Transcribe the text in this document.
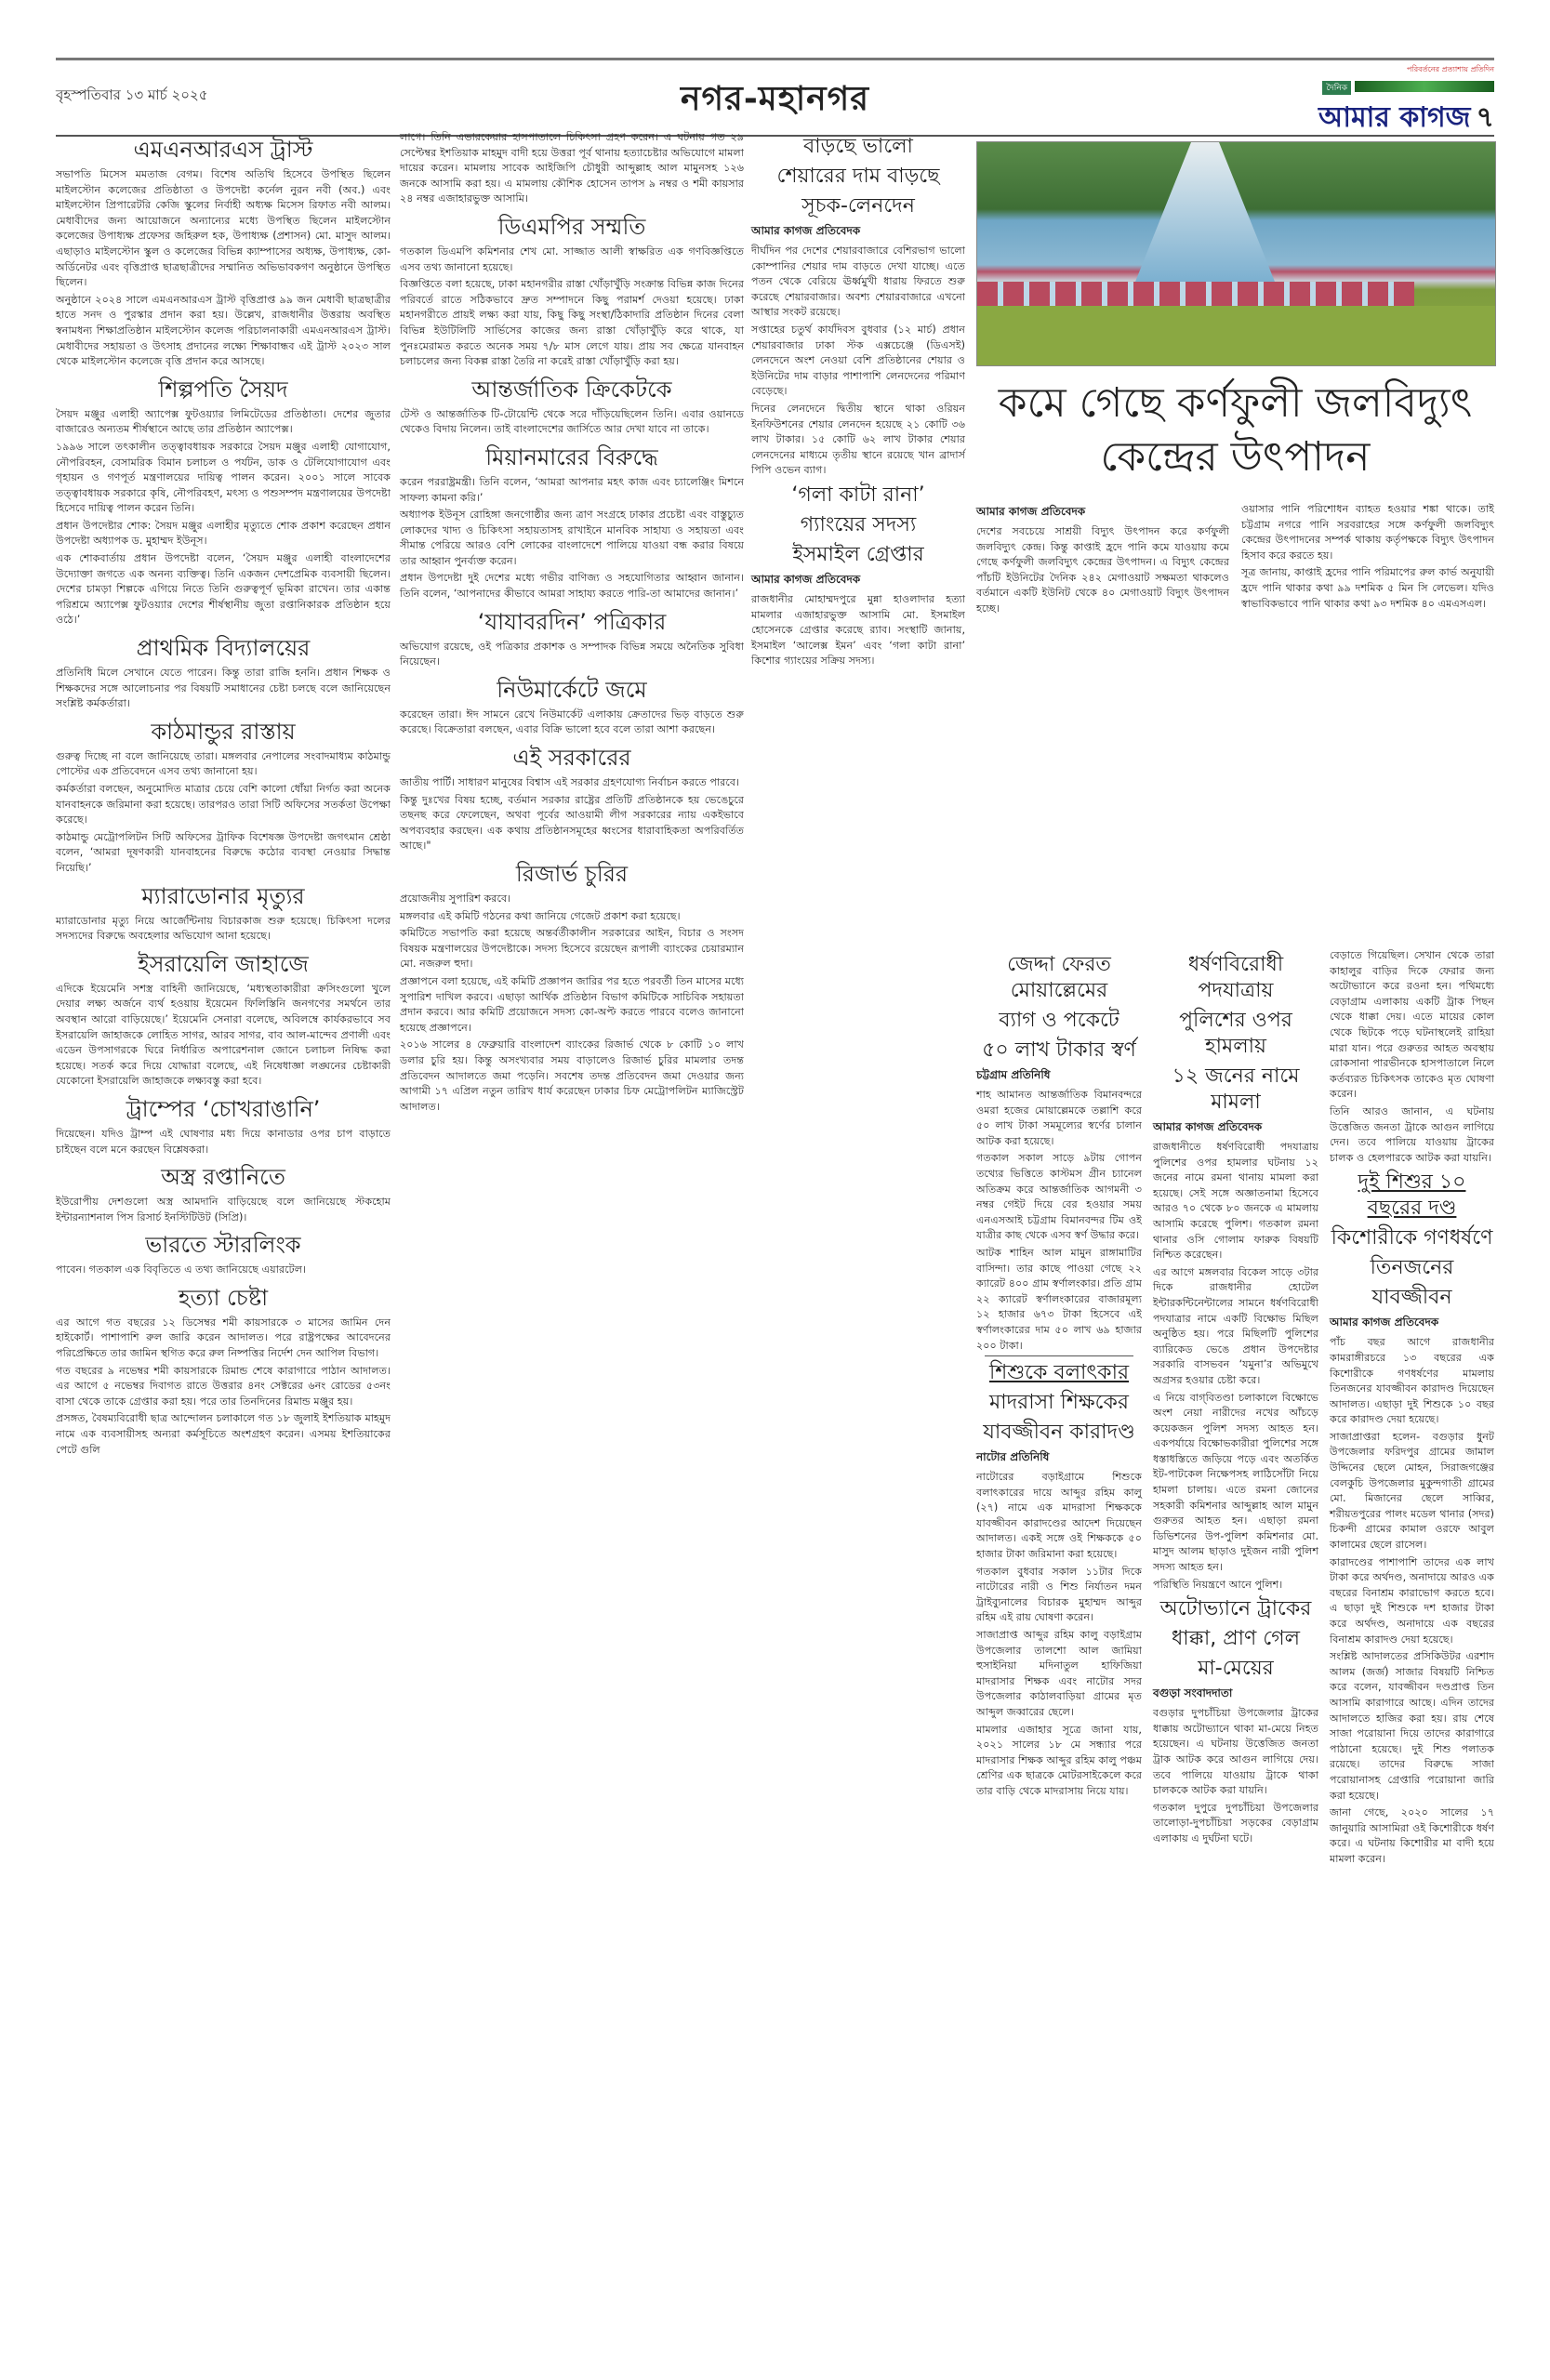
বৃহস্পতিবার ১৩ মার্চ ২০২৫	নগর-মহানগর
পরিবর্তনের প্রত্যাশায় প্রতিদিন
দৈনিক
আমার কাগজ ৭
এমএনআরএস ট্রাস্ট

সভাপতি মিসেস মমতাজ বেগম। বিশেষ অতিথি হিসেবে উপস্থিত ছিলেন মাইলস্টোন কলেজের প্রতিষ্ঠাতা ও উপদেষ্টা কর্নেল নুরন নবী (অব.) এবং মাইলস্টোন প্রিপারেটরি কেজি স্কুলের নির্বাহী অধ্যক্ষ মিসেস রিফাত নবী আলম। মেধাবীদের জন্য আয়োজনে অন্যান্যের মধ্যে উপস্থিত ছিলেন মাইলস্টোন কলেজের উপাধ্যক্ষ প্রফেসর জহিরুল হক, উপাধ্যক্ষ (প্রশাসন) মো. মাসুদ আলম। এছাড়াও মাইলস্টোন স্কুল ও কলেজের বিভিন্ন ক্যাম্পাসের অধ্যক্ষ, উপাধ্যক্ষ, কো-অর্ডিনেটর এবং বৃত্তিপ্রাপ্ত ছাত্রছাত্রীদের সম্মানিত অভিভাবকগণ অনুষ্ঠানে উপস্থিত ছিলেন।

অনুষ্ঠানে ২০২৪ সালে এমএনআরএস ট্রাস্ট বৃত্তিপ্রাপ্ত ৯৯ জন মেধাবী ছাত্রছাত্রীর হাতে সনদ ও পুরস্কার প্রদান করা হয়। উল্লেখ, রাজধানীর উত্তরায় অবস্থিত স্বনামধন্য শিক্ষাপ্রতিষ্ঠান মাইলস্টোন কলেজ পরিচালনাকারী এমএনআরএস ট্রাস্ট। মেধাবীদের সহায়তা ও উৎসাহ প্রদানের লক্ষ্যে শিক্ষাবান্ধব এই ট্রাস্ট ২০২৩ সাল থেকে মাইলস্টোন কলেজে বৃত্তি প্রদান করে আসছে।

শিল্পপতি সৈয়দ

সৈয়দ মঞ্জুর এলাহী অ্যাপেক্স ফুটওয়্যার লিমিটেডের প্রতিষ্ঠাতা। দেশের জুতার বাজারেও অন্যতম শীর্ষস্থানে আছে তার প্রতিষ্ঠান অ্যাপেক্স।

১৯৯৬ সালে তৎকালীন তত্ত্বাবধায়ক সরকারে সৈয়দ মঞ্জুর এলাহী যোগাযোগ, নৌপরিবহন, বেসামরিক বিমান চলাচল ও পর্যটন, ডাক ও টেলিযোগাযোগ এবং গৃহায়ন ও গণপূর্ত মন্ত্রণালয়ের দায়িত্ব পালন করেন। ২০০১ সালে সাবেক তত্ত্বাবধায়ক সরকারে কৃষি, নৌপরিবহণ, মৎস্য ও পশুসম্পদ মন্ত্রণালয়ের উপদেষ্টা হিসেবে দায়িত্ব পালন করেন তিনি।

প্রধান উপদেষ্টার শোক: সৈয়দ মঞ্জুর এলাহীর মৃত্যুতে শোক প্রকাশ করেছেন প্রধান উপদেষ্টা অধ্যাপক ড. মুহাম্মদ ইউনূস।

এক শোকবার্তায় প্রধান উপদেষ্টা বলেন, ‘সৈয়দ মঞ্জুর এলাহী বাংলাদেশের উদ্যোক্তা জগতে এক অনন্য ব্যক্তিত্ব। তিনি একজন দেশপ্রেমিক ব্যবসায়ী ছিলেন। দেশের চামড়া শিল্পকে এগিয়ে নিতে তিনি গুরুত্বপূর্ণ ভূমিকা রাখেন। তার একান্ত পরিশ্রমে অ্যাপেক্স ফুটওয়্যার দেশের শীর্ষস্থানীয় জুতা রপ্তানিকারক প্রতিষ্ঠান হয়ে ওঠে।’

প্রাথমিক বিদ্যালয়ের

প্রতিনিধি মিলে সেখানে যেতে পারেন। কিন্তু তারা রাজি হননি। প্রধান শিক্ষক ও শিক্ষকদের সঙ্গে আলোচনার পর বিষয়টি সমাধানের চেষ্টা চলছে বলে জানিয়েছেন সংশ্লিষ্ট কর্মকর্তারা।

কাঠমান্ডুর রাস্তায়

গুরুত্ব দিচ্ছে না বলে জানিয়েছে তারা। মঙ্গলবার নেপালের সংবাদমাধ্যম কাঠমান্ডু পোস্টের এক প্রতিবেদনে এসব তথ্য জানানো হয়।

কর্মকর্তারা বলছেন, অনুমোদিত মাত্রার চেয়ে বেশি কালো ধোঁয়া নির্গত করা অনেক যানবাহনকে জরিমানা করা হয়েছে। তারপরও তারা সিটি অফিসের সতর্কতা উপেক্ষা করেছে।

কাঠমান্ডু মেট্রোপলিটন সিটি অফিসের ট্রাফিক বিশেষজ্ঞ উপদেষ্টা জগৎমান শ্রেষ্ঠা বলেন, ‘আমরা দূষণকারী যানবাহনের বিরুদ্ধে কঠোর ব্যবস্থা নেওয়ার সিদ্ধান্ত নিয়েছি।’

ম্যারাডোনার মৃত্যুর

ম্যারাডোনার মৃত্যু নিয়ে আর্জেন্টিনায় বিচারকাজ শুরু হয়েছে। চিকিৎসা দলের সদস্যদের বিরুদ্ধে অবহেলার অভিযোগ আনা হয়েছে।

ইসরায়েলি জাহাজে

এদিকে ইয়েমেনি সশস্ত্র বাহিনী জানিয়েছে, ‘মধ্যস্থতাকারীরা ক্রসিংগুলো খুলে দেয়ার লক্ষ্য অর্জনে ব্যর্থ হওয়ায় ইয়েমেন ফিলিস্তিনি জনগণের সমর্থনে তার অবস্থান আরো বাড়িয়েছে।’ ইয়েমেনি সেনারা বলেছে, অবিলম্বে কার্যকরভাবে সব ইসরায়েলি জাহাজকে লোহিত সাগর, আরব সাগর, বাব আল-মান্দেব প্রণালী এবং এডেন উপসাগরকে ঘিরে নির্ধারিত অপারেশনাল জোনে চলাচল নিষিদ্ধ করা হয়েছে। সতর্ক করে দিয়ে যোদ্ধারা বলেছে, এই নিষেধাজ্ঞা লঙ্ঘনের চেষ্টাকারী যেকোনো ইসরায়েলি জাহাজকে লক্ষ্যবস্তু করা হবে।

ট্রাম্পের ‘চোখরাঙানি’

দিয়েছেন। যদিও ট্রাম্প এই ঘোষণার মধ্য দিয়ে কানাডার ওপর চাপ বাড়াতে চাইছেন বলে মনে করছেন বিশ্লেষকরা।

অস্ত্র রপ্তানিতে

ইউরোপীয় দেশগুলো অস্ত্র আমদানি বাড়িয়েছে বলে জানিয়েছে স্টকহোম ইন্টারন্যাশনাল পিস রিসার্চ ইনস্টিটিউট (সিপ্রি)।

ভারতে স্টারলিংক

পাবেন। গতকাল এক বিবৃতিতে এ তথ্য জানিয়েছে এয়ারটেল।

হত্যা চেষ্টা

এর আগে গত বছরের ১২ ডিসেম্বর শমী কায়সারকে ৩ মাসের জামিন দেন হাইকোর্ট। পাশাপাশি রুল জারি করেন আদালত। পরে রাষ্ট্রপক্ষের আবেদনের পরিপ্রেক্ষিতে তার জামিন স্থগিত করে রুল নিষ্পত্তির নির্দেশ দেন আপিল বিভাগ।

গত বছরের ৯ নভেম্বর শমী কায়সারকে রিমান্ড শেষে কারাগারে পাঠান আদালত। এর আগে ৫ নভেম্বর দিবাগত রাতে উত্তরার ৪নং সেক্টরের ৬নং রোডের ৫৩নং বাসা থেকে তাকে গ্রেপ্তার করা হয়। পরে তার তিনদিনের রিমান্ড মঞ্জুর হয়।

প্রসঙ্গত, বৈষম্যবিরোধী ছাত্র আন্দোলন চলাকালে গত ১৮ জুলাই ইশতিয়াক মাহমুদ নামে এক ব্যবসায়ীসহ অন্যরা কর্মসূচিতে অংশগ্রহণ করেন। এসময় ইশতিয়াকের পেটে গুলি

লাগে। তিনি এভারকেয়ার হাসপাতালে চিকিৎসা গ্রহণ করেন। এ ঘটনায় গত ২৯ সেপ্টেম্বর ইশতিয়াক মাহমুদ বাদী হয়ে উত্তরা পূর্ব থানায় হত্যাচেষ্টার অভিযোগে মামলা দায়ের করেন। মামলায় সাবেক আইজিপি চৌধুরী আব্দুল্লাহ আল মামুনসহ ১২৬ জনকে আসামি করা হয়। এ মামলায় কৌশিক হোসেন তাপস ৯ নম্বর ও শমী কায়সার ২৪ নম্বর এজাহারভুক্ত আসামি।

ডিএমপির সম্মতি

গতকাল ডিএমপি কমিশনার শেখ মো. সাজ্জাত আলী স্বাক্ষরিত এক গণবিজ্ঞপ্তিতে এসব তথ্য জানানো হয়েছে।

বিজ্ঞপ্তিতে বলা হয়েছে, ঢাকা মহানগরীর রাস্তা খোঁড়াখুঁড়ি সংক্রান্ত বিভিন্ন কাজ দিনের পরিবর্তে রাতে সঠিকভাবে দ্রুত সম্পাদনে কিছু পরামর্শ দেওয়া হয়েছে। ঢাকা মহানগরীতে প্রায়ই লক্ষ্য করা যায়, কিছু কিছু সংস্থা/ঠিকাদারি প্রতিষ্ঠান দিনের বেলা বিভিন্ন ইউটিলিটি সার্ভিসের কাজের জন্য রাস্তা খোঁড়াখুঁড়ি করে থাকে, যা পুনঃমেরামত করতে অনেক সময় ৭/৮ মাস লেগে যায়। প্রায় সব ক্ষেত্রে যানবাহন চলাচলের জন্য বিকল্প রাস্তা তৈরি না করেই রাস্তা খোঁড়াখুঁড়ি করা হয়।

আন্তর্জাতিক ক্রিকেটকে

টেস্ট ও আন্তর্জাতিক টি-টোয়েন্টি থেকে সরে দাঁড়িয়েছিলেন তিনি। এবার ওয়ানডে থেকেও বিদায় নিলেন। তাই বাংলাদেশের জার্সিতে আর দেখা যাবে না তাকে।

মিয়ানমারের বিরুদ্ধে

করেন পররাষ্ট্রমন্ত্রী। তিনি বলেন, ‘আমরা আপনার মহৎ কাজ এবং চ্যালেঞ্জিং মিশনে সাফল্য কামনা করি।’

অধ্যাপক ইউনূস রোহিঙ্গা জনগোষ্ঠীর জন্য ত্রাণ সংগ্রহে ঢাকার প্রচেষ্টা এবং বাস্তুচ্যুত লোকদের খাদ্য ও চিকিৎসা সহায়তাসহ রাখাইনে মানবিক সাহায্য ও সহায়তা এবং সীমান্ত পেরিয়ে আরও বেশি লোকের বাংলাদেশে পালিয়ে যাওয়া বন্ধ করার বিষয়ে তার আহ্বান পুনর্ব্যক্ত করেন।

প্রধান উপদেষ্টা দুই দেশের মধ্যে গভীর বাণিজ্য ও সহযোগিতার আহ্বান জানান। তিনি বলেন, ‘আপনাদের কীভাবে আমরা সাহায্য করতে পারি-তা আমাদের জানান।’

‘যাযাবরদিন’ পত্রিকার

অভিযোগ রয়েছে, ওই পত্রিকার প্রকাশক ও সম্পাদক বিভিন্ন সময়ে অনৈতিক সুবিধা নিয়েছেন।

নিউমার্কেটে জমে

করেছেন তারা। ঈদ সামনে রেখে নিউমার্কেট এলাকায় ক্রেতাদের ভিড় বাড়তে শুরু করেছে। বিক্রেতারা বলছেন, এবার বিক্রি ভালো হবে বলে তারা আশা করছেন।

এই সরকারের

জাতীয় পার্টি। সাধারণ মানুষের বিশ্বাস এই সরকার গ্রহণযোগ্য নির্বাচন করতে পারবে।

কিন্তু দুঃখের বিষয় হচ্ছে, বর্তমান সরকার রাষ্ট্রের প্রতিটি প্রতিষ্ঠানকে হয় ভেঙেচুরে তছনছ করে ফেলেছেন, অথবা পূর্বের আওয়ামী লীগ সরকারের ন্যায় একইভাবে অপব্যবহার করছেন। এক কথায় প্রতিষ্ঠানসমূহের ধ্বংসের ধারাবাহিকতা অপরিবর্তিত আছে।"

রিজার্ভ চুরির

প্রয়োজনীয় সুপারিশ করবে।

মঙ্গলবার এই কমিটি গঠনের কথা জানিয়ে গেজেট প্রকাশ করা হয়েছে।

কমিটিতে সভাপতি করা হয়েছে অন্তর্বর্তীকালীন সরকারের আইন, বিচার ও সংসদ বিষয়ক মন্ত্রণালয়ের উপদেষ্টাকে। সদস্য হিসেবে রয়েছেন রূপালী ব্যাংকের চেয়ারম্যান মো. নজরুল হুদা।

প্রজ্ঞাপনে বলা হয়েছে, এই কমিটি প্রজ্ঞাপন জারির পর হতে পরবর্তী তিন মাসের মধ্যে সুপারিশ দাখিল করবে। এছাড়া আর্থিক প্রতিষ্ঠান বিভাগ কমিটিকে সাচিবিক সহায়তা প্রদান করবে। আর কমিটি প্রয়োজনে সদস্য কো-অপ্ট করতে পারবে বলেও জানানো হয়েছে প্রজ্ঞাপনে।

২০১৬ সালের ৪ ফেব্রুয়ারি বাংলাদেশ ব্যাংকের রিজার্ভ থেকে ৮ কোটি ১০ লাখ ডলার চুরি হয়। কিন্তু অসংখ্যবার সময় বাড়ালেও রিজার্ভ চুরির মামলার তদন্ত প্রতিবেদন আদালতে জমা পড়েনি। সবশেষ তদন্ত প্রতিবেদন জমা দেওয়ার জন্য আগামী ১৭ এপ্রিল নতুন তারিখ ধার্য করেছেন ঢাকার চিফ মেট্রোপলিটন ম্যাজিস্ট্রেট আদালত।

বাড়ছে ভালো
শেয়ারের দাম বাড়ছে
সূচক-লেনদেন
আমার কাগজ প্রতিবেদক

দীর্ঘদিন পর দেশের শেয়ারবাজারে বেশিরভাগ ভালো কোম্পানির শেয়ার দাম বাড়তে দেখা যাচ্ছে। এতে পতন থেকে বেরিয়ে ঊর্ধ্বমুখী ধারায় ফিরতে শুরু করেছে শেয়ারবাজার। অবশ্য শেয়ারবাজারে এখনো আস্থার সংকট রয়েছে।

সপ্তাহের চতুর্থ কার্যদিবস বুধবার (১২ মার্চ) প্রধান শেয়ারবাজার ঢাকা স্টক এক্সচেঞ্জে (ডিএসই) লেনদেনে অংশ নেওয়া বেশি প্রতিষ্ঠানের শেয়ার ও ইউনিটের দাম বাড়ার পাশাপাশি লেনদেনের পরিমাণ বেড়েছে।

দিনের লেনদেনে দ্বিতীয় স্থানে থাকা ওরিয়ন ইনফিউশনের শেয়ার লেনদেন হয়েছে ২১ কোটি ৩৬ লাখ টাকার। ১৫ কোটি ৬২ লাখ টাকার শেয়ার লেনদেনের মাধ্যমে তৃতীয় স্থানে রয়েছে খান ব্রাদার্স পিপি ওভেন ব্যাগ।

‘গলা কাটা রানা’
গ্যাংয়ের সদস্য
ইসমাইল গ্রেপ্তার
আমার কাগজ প্রতিবেদক

রাজধানীর মোহাম্মদপুরে মুন্না হাওলাদার হত্যা মামলার এজাহারভুক্ত আসামি মো. ইসমাইল হোসেনকে গ্রেপ্তার করেছে র‍্যাব। সংস্থাটি জানায়, ইসমাইল ‘আলেক্স ইমন’ এবং ‘গলা কাটা রানা’ কিশোর গ্যাংয়ের সক্রিয় সদস্য।

কমে গেছে কর্ণফুলী জলবিদ্যুৎ
কেন্দ্রের উৎপাদন
আমার কাগজ প্রতিবেদক

দেশের সবচেয়ে সাশ্রয়ী বিদ্যুৎ উৎপাদন করে কর্ণফুলী জলবিদ্যুৎ কেন্দ্র। কিন্তু কাপ্তাই হ্রদে পানি কমে যাওয়ায় কমে গেছে কর্ণফুলী জলবিদ্যুৎ কেন্দ্রের উৎপাদন। এ বিদ্যুৎ কেন্দ্রের পাঁচটি ইউনিটের দৈনিক ২৪২ মেগাওয়াট সক্ষমতা থাকলেও বর্তমানে একটি ইউনিট থেকে ৪০ মেগাওয়াট বিদ্যুৎ উৎপাদন হচ্ছে।

ওয়াসার পানি পরিশোধন ব্যাহত হওয়ার শঙ্কা থাকে। তাই চট্টগ্রাম নগরে পানি সরবরাহের সঙ্গে কর্ণফুলী জলবিদ্যুৎ কেন্দ্রের উৎপাদনের সম্পর্ক থাকায় কর্তৃপক্ষকে বিদ্যুৎ উৎপাদন হিসাব করে করতে হয়।

সূত্র জানায়, কাপ্তাই হ্রদের পানি পরিমাপের রুল কার্ভ অনুযায়ী হ্রদে পানি থাকার কথা ৯৯ দশমিক ৫ মিন সি লেভেল। যদিও স্বাভাবিকভাবে পানি থাকার কথা ৯৩ দশমিক ৪০ এমএসএল।

জেদ্দা ফেরত মোয়াল্লেমের
ব্যাগ ও পকেটে
৫০ লাখ টাকার স্বর্ণ
চট্টগ্রাম প্রতিনিধি

শাহ আমানত আন্তর্জাতিক বিমানবন্দরে ওমরা হজের মোয়াল্লেমকে তল্লাশি করে ৫০ লাখ টাকা সমমূল্যের স্বর্ণের চালান আটক করা হয়েছে।

গতকাল সকাল সাড়ে ৯টায় গোপন তথ্যের ভিত্তিতে কাস্টমস গ্রীন চ্যানেল অতিক্রম করে আন্তর্জাতিক আগমনী ৩ নম্বর গেইট দিয়ে বের হওয়ার সময় এনএসআই চট্টগ্রাম বিমানবন্দর টিম ওই যাত্রীর কাছ থেকে এসব স্বর্ণ উদ্ধার করে।

আটক শাহিন আল মামুন রাঙ্গামাটির বাসিন্দা। তার কাছে পাওয়া গেছে ২২ ক্যারেট ৪০০ গ্রাম স্বর্ণালংকার। প্রতি গ্রাম ২২ ক্যারেট স্বর্ণালংকারের বাজারমূল্য ১২ হাজার ৬৭৩ টাকা হিসেবে এই স্বর্ণালংকারের দাম ৫০ লাখ ৬৯ হাজার ২০০ টাকা।

শিশুকে বলাৎকার
মাদরাসা শিক্ষকের
যাবজ্জীবন কারাদণ্ড
নাটোর প্রতিনিধি

নাটোরের বড়াইগ্রামে শিশুকে বলাৎকারের দায়ে আব্দুর রহিম কালু (২৭) নামে এক মাদরাসা শিক্ষককে যাবজ্জীবন কারাদণ্ডের আদেশ দিয়েছেন আদালত। একই সঙ্গে ওই শিক্ষককে ৫০ হাজার টাকা জরিমানা করা হয়েছে।

গতকাল বুধবার সকাল ১১টার দিকে নাটোরের নারী ও শিশু নির্যাতন দমন ট্রাইব্যুনালের বিচারক মুহাম্মদ আব্দুর রহিম এই রায় ঘোষণা করেন।

সাজাপ্রাপ্ত আব্দুর রহিম কালু বড়াইগ্রাম উপজেলার তালশো আল জামিয়া হুসাইনিয়া মদিনাতুল হাফিজিয়া মাদরাসার শিক্ষক এবং নাটোর সদর উপজেলার কাঠালবাড়িয়া গ্রামের মৃত আব্দুল জব্বারের ছেলে।

মামলার এজাহার সূত্রে জানা যায়, ২০২১ সালের ১৮ মে সন্ধ্যার পরে মাদরাসার শিক্ষক আব্দুর রহিম কালু পঞ্চম শ্রেণির এক ছাত্রকে মোটরসাইকেলে করে তার বাড়ি থেকে মাদরাসায় নিয়ে যায়।

ধর্ষণবিরোধী পদযাত্রায়
পুলিশের ওপর হামলায়
১২ জনের নামে মামলা
আমার কাগজ প্রতিবেদক

রাজধানীতে ধর্ষণবিরোধী পদযাত্রায় পুলিশের ওপর হামলার ঘটনায় ১২ জনের নামে রমনা থানায় মামলা করা হয়েছে। সেই সঙ্গে অজ্ঞাতনামা হিসেবে আরও ৭০ থেকে ৮০ জনকে এ মামলায় আসামি করেছে পুলিশ। গতকাল রমনা থানার ওসি গোলাম ফারুক বিষয়টি নিশ্চিত করেছেন।

এর আগে মঙ্গলবার বিকেল সাড়ে ৩টার দিকে রাজধানীর হোটেল ইন্টারকন্টিনেন্টালের সামনে ধর্ষণবিরোধী পদযাত্রার নামে একটি বিক্ষোভ মিছিল অনুষ্ঠিত হয়। পরে মিছিলটি পুলিশের ব্যারিকেড ভেঙে প্রধান উপদেষ্টার সরকারি বাসভবন ‘যমুনা’র অভিমুখে অগ্রসর হওয়ার চেষ্টা করে।

এ নিয়ে বাগ্‌বিতণ্ডা চলাকালে বিক্ষোভে অংশ নেয়া নারীদের নখের আঁচড়ে কয়েকজন পুলিশ সদস্য আহত হন। একপর্যায়ে বিক্ষোভকারীরা পুলিশের সঙ্গে ধস্তাধস্তিতে জড়িয়ে পড়ে এবং অতর্কিত ইট-পাটকেল নিক্ষেপসহ লাঠিসোঁটা নিয়ে হামলা চালায়। এতে রমনা জোনের সহকারী কমিশনার আব্দুল্লাহ আল মামুন গুরুতর আহত হন। এছাড়া রমনা ডিভিশনের উপ-পুলিশ কমিশনার মো. মাসুদ আলম ছাড়াও দুইজন নারী পুলিশ সদস্য আহত হন।

পরিস্থিতি নিয়ন্ত্রণে আনে পুলিশ।

অটোভ্যানে ট্রাকের
ধাক্কা, প্রাণ গেল
মা-মেয়ের
বগুড়া সংবাদদাতা

বগুড়ার দুপচাঁচিয়া উপজেলার ট্রাকের ধাক্কায় অটোভ্যানে থাকা মা-মেয়ে নিহত হয়েছেন। এ ঘটনায় উত্তেজিত জনতা ট্রাক আটক করে আগুন লাগিয়ে দেয়। তবে পালিয়ে যাওয়ায় ট্রাকে থাকা চালককে আটক করা যায়নি।

গতকাল দুপুরে দুপচাঁচিয়া উপজেলার তালোড়া-দুপচাঁচিয়া সড়কের বেড়াগ্রাম এলাকায় এ দুর্ঘটনা ঘটে।

বেড়াতে গিয়েছিল। সেখান থেকে তারা কাহালুর বাড়ির দিকে ফেরার জন্য অটোভ্যানে করে রওনা হন। পথিমধ্যে বেড়াগ্রাম এলাকায় একটি ট্রাক পিছন থেকে ধাক্কা দেয়। এতে মায়ের কোল থেকে ছিটকে পড়ে ঘটনাস্থলেই রাহিয়া মারা যান। পরে গুরুতর আহত অবস্থায় রোকসানা পারভীনকে হাসপাতালে নিলে কর্তব্যরত চিকিৎসক তাকেও মৃত ঘোষণা করেন।

তিনি আরও জানান, এ ঘটনায় উত্তেজিত জনতা ট্রাকে আগুন লাগিয়ে দেন। তবে পালিয়ে যাওয়ায় ট্রাকের চালক ও হেলপারকে আটক করা যায়নি।

দুই শিশুর ১০ বছরের দণ্ড
কিশোরীকে গণধর্ষণে
তিনজনের
যাবজ্জীবন
আমার কাগজ প্রতিবেদক

পাঁচ বছর আগে রাজধানীর কামরাঙ্গীরচরে ১৩ বছরের এক কিশোরীকে গণধর্ষণের মামলায় তিনজনের যাবজ্জীবন কারাদণ্ড দিয়েছেন আদালত। এছাড়া দুই শিশুকে ১০ বছর করে কারাদণ্ড দেয়া হয়েছে।

সাজাপ্রাপ্তরা হলেন- বগুড়ার ধুনট উপজেলার ফরিদপুর গ্রামের জামাল উদ্দিনের ছেলে মোহন, সিরাজগঞ্জের বেলকুচি উপজেলার মুকুন্দগাতী গ্রামের মো. মিজানের ছেলে সাব্বির, শরীয়তপুরের পালং মডেল থানার (সদর) চিকন্দী গ্রামের কামাল ওরফে আবুল কালামের ছেলে রাসেল।

কারাদণ্ডের পাশাপাশি তাদের এক লাখ টাকা করে অর্থদণ্ড, অনাদায়ে আরও এক বছরের বিনাশ্রম কারাভোগ করতে হবে। এ ছাড়া দুই শিশুকে দশ হাজার টাকা করে অর্থদণ্ড, অনাদায়ে এক বছরের বিনাশ্রম কারাদণ্ড দেয়া হয়েছে।

সংশ্লিষ্ট আদালতের প্রসিকিউটর এরশাদ আলম (জর্জ) সাজার বিষয়টি নিশ্চিত করে বলেন, যাবজ্জীবন দণ্ডপ্রাপ্ত তিন আসামি কারাগারে আছে। এদিন তাদের আদালতে হাজির করা হয়। রায় শেষে সাজা পরোয়ানা দিয়ে তাদের কারাগারে পাঠানো হয়েছে। দুই শিশু পলাতক রয়েছে। তাদের বিরুদ্ধে সাজা পরোয়ানাসহ গ্রেপ্তারি পরোয়ানা জারি করা হয়েছে।

জানা গেছে, ২০২০ সালের ১৭ জানুয়ারি আসামিরা ওই কিশোরীকে ধর্ষণ করে। এ ঘটনায় কিশোরীর মা বাদী হয়ে মামলা করেন।
